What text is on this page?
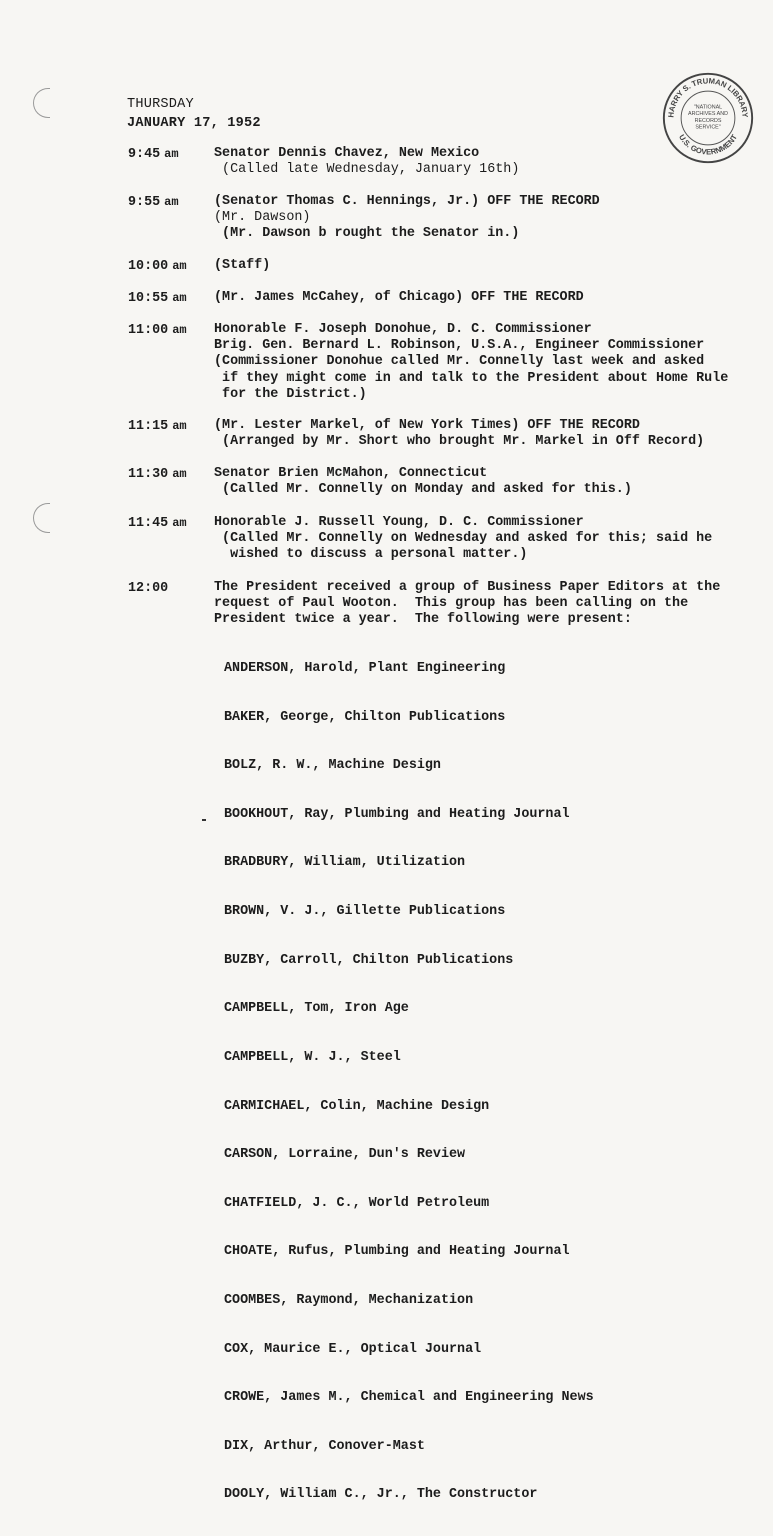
HARRY S. TRUMAN LIBRARY
U.S. GOVERNMENT
"NATIONAL
ARCHIVES AND
RECORDS
SERVICE"
THURSDAY
JANUARY 17, 1952
9:45 am	Senator Dennis Chavez, New Mexico
(Called late Wednesday, January 16th)
9:55 am	(Senator Thomas C. Hennings, Jr.) OFF THE RECORD
(Mr. Dawson)
(Mr. Dawson b rought the Senator in.)
10:00 am	(Staff)
10:55 am	(Mr. James McCahey, of Chicago) OFF THE RECORD
11:00 am	Honorable F. Joseph Donohue, D. C. Commissioner
Brig. Gen. Bernard L. Robinson, U.S.A., Engineer Commissioner
(Commissioner Donohue called Mr. Connelly last week and asked
if they might come in and talk to the President about Home Rule
for the District.)
11:15 am	(Mr. Lester Markel, of New York Times) OFF THE RECORD
(Arranged by Mr. Short who brought Mr. Markel in Off Record)
11:30 am	Senator Brien McMahon, Connecticut
(Called Mr. Connelly on Monday and asked for this.)
11:45 am	Honorable J. Russell Young, D. C. Commissioner
(Called Mr. Connelly on Wednesday and asked for this; said he
wished to discuss a personal matter.)
12:00	The President received a group of Business Paper Editors at the
request of Paul Wooton.  This group has been calling on the
President twice a year.  The following were present:

ANDERSON, Harold, Plant Engineering

BAKER, George, Chilton Publications

BOLZ, R. W., Machine Design

BOOKHOUT, Ray, Plumbing and Heating Journal

BRADBURY, William, Utilization

BROWN, V. J., Gillette Publications

BUZBY, Carroll, Chilton Publications

CAMPBELL, Tom, Iron Age

CAMPBELL, W. J., Steel

CARMICHAEL, Colin, Machine Design

CARSON, Lorraine, Dun's Review

CHATFIELD, J. C., World Petroleum

CHOATE, Rufus, Plumbing and Heating Journal

COOMBES, Raymond, Mechanization

COX, Maurice E., Optical Journal

CROWE, James M., Chemical and Engineering News

DIX, Arthur, Conover-Mast

DOOLY, William C., Jr., The Constructor
